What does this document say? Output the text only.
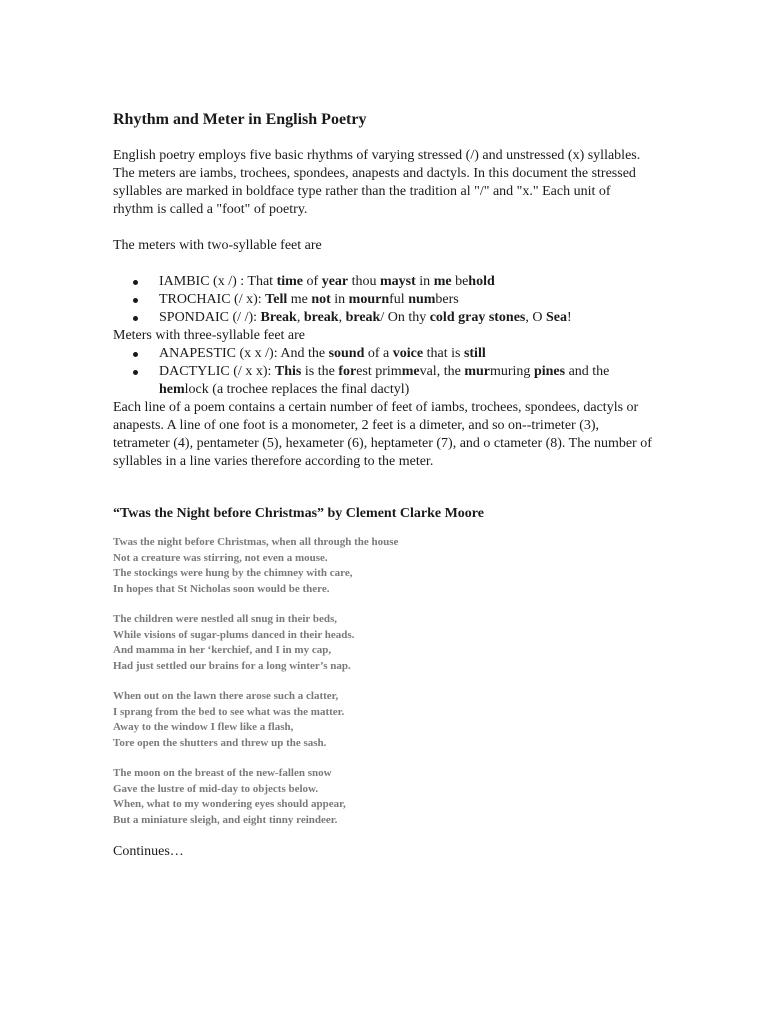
Rhythm and Meter in English Poetry

English poetry employs five basic rhythms of varying stressed (/) and unstressed (x) syllables. The meters are iambs, trochees, spondees, anapests and dactyls. In this document the stressed syllables are marked in boldface type rather than the tradition al "/" and "x." Each unit of rhythm is called a "foot" of poetry.

The meters with two-syllable feet are

IAMBIC (x /) : That time of year thou mayst in me behold
TROCHAIC (/ x): Tell me not in mournful numbers
SPONDAIC (/ /): Break, break, break/ On thy cold gray stones, O Sea!

Meters with three-syllable feet are

ANAPESTIC (x x /): And the sound of a voice that is still
DACTYLIC (/ x x): This is the forest primmeval, the murmuring pines and the hemlock (a trochee replaces the final dactyl)

Each line of a poem contains a certain number of feet of iambs, trochees, spondees, dactyls or anapests. A line of one foot is a monometer, 2 feet is a dimeter, and so on--trimeter (3), tetrameter (4), pentameter (5), hexameter (6), heptameter (7), and o ctameter (8). The number of syllables in a line varies therefore according to the meter.

“Twas the Night before Christmas” by Clement Clarke Moore

Twas the night before Christmas, when all through the house
Not a creature was stirring, not even a mouse.
The stockings were hung by the chimney with care,
In hopes that St Nicholas soon would be there.
The children were nestled all snug in their beds,
While visions of sugar-plums danced in their heads.
And mamma in her ‘kerchief, and I in my cap,
Had just settled our brains for a long winter’s nap.
When out on the lawn there arose such a clatter,
I sprang from the bed to see what was the matter.
Away to the window I flew like a flash,
Tore open the shutters and threw up the sash.
The moon on the breast of the new-fallen snow
Gave the lustre of mid-day to objects below.
When, what to my wondering eyes should appear,
But a miniature sleigh, and eight tinny reindeer.

Continues…
